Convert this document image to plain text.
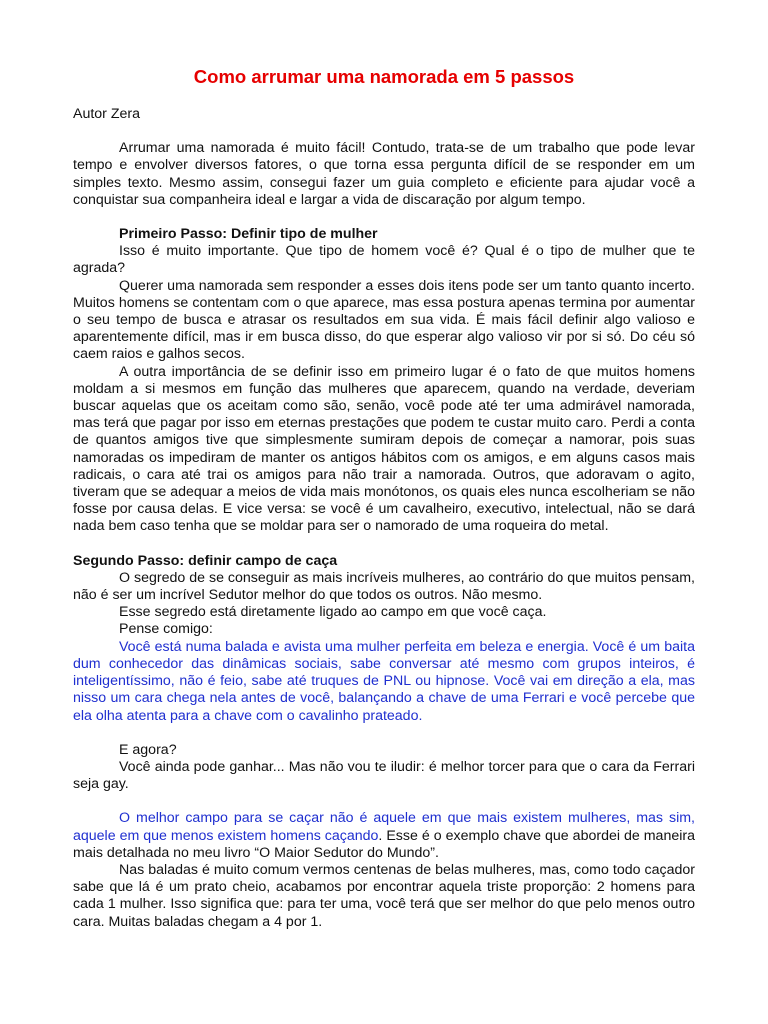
Como arrumar uma namorada em 5 passos

Autor Zera

Arrumar uma namorada é muito fácil! Contudo, trata-se de um trabalho que pode levar tempo e envolver diversos fatores, o que torna essa pergunta difícil de se responder em um simples texto. Mesmo assim, consegui fazer um guia completo e eficiente para ajudar você a conquistar sua companheira ideal e largar a vida de discaração por algum tempo.

Primeiro Passo: Definir tipo de mulher

Isso é muito importante. Que tipo de homem você é? Qual é o tipo de mulher que te agrada?

Querer uma namorada sem responder a esses dois itens pode ser um tanto quanto incerto. Muitos homens se contentam com o que aparece, mas essa postura apenas termina por aumentar o seu tempo de busca e atrasar os resultados em sua vida. É mais fácil definir algo valioso e aparentemente difícil, mas ir em busca disso, do que esperar algo valioso vir por si só. Do céu só caem raios e galhos secos.

A outra importância de se definir isso em primeiro lugar é o fato de que muitos homens moldam a si mesmos em função das mulheres que aparecem, quando na verdade, deveriam buscar aquelas que os aceitam como são, senão, você pode até ter uma admirável namorada, mas terá que pagar por isso em eternas prestações que podem te custar muito caro. Perdi a conta de quantos amigos tive que simplesmente sumiram depois de começar a namorar, pois suas namoradas os impediram de manter os antigos hábitos com os amigos, e em alguns casos mais radicais, o cara até trai os amigos para não trair a namorada. Outros, que adoravam o agito, tiveram que se adequar a meios de vida mais monótonos, os quais eles nunca escolheriam se não fosse por causa delas. E vice versa: se você é um cavalheiro, executivo, intelectual, não se dará nada bem caso tenha que se moldar para ser o namorado de uma roqueira do metal.

Segundo Passo: definir campo de caça

O segredo de se conseguir as mais incríveis mulheres, ao contrário do que muitos pensam, não é ser um incrível Sedutor melhor do que todos os outros. Não mesmo.

Esse segredo está diretamente ligado ao campo em que você caça.

Pense comigo:

Você está numa balada e avista uma mulher perfeita em beleza e energia. Você é um baita dum conhecedor das dinâmicas sociais, sabe conversar até mesmo com grupos inteiros, é inteligentíssimo, não é feio, sabe até truques de PNL ou hipnose. Você vai em direção a ela, mas nisso um cara chega nela antes de você, balançando a chave de uma Ferrari e você percebe que ela olha atenta para a chave com o cavalinho prateado.

E agora?

Você ainda pode ganhar... Mas não vou te iludir: é melhor torcer para que o cara da Ferrari seja gay.

O melhor campo para se caçar não é aquele em que mais existem mulheres, mas sim, aquele em que menos existem homens caçando. Esse é o exemplo chave que abordei de maneira mais detalhada no meu livro “O Maior Sedutor do Mundo”.

Nas baladas é muito comum vermos centenas de belas mulheres, mas, como todo caçador sabe que lá é um prato cheio, acabamos por encontrar aquela triste proporção: 2 homens para cada 1 mulher. Isso significa que: para ter uma, você terá que ser melhor do que pelo menos outro cara. Muitas baladas chegam a 4 por 1.
